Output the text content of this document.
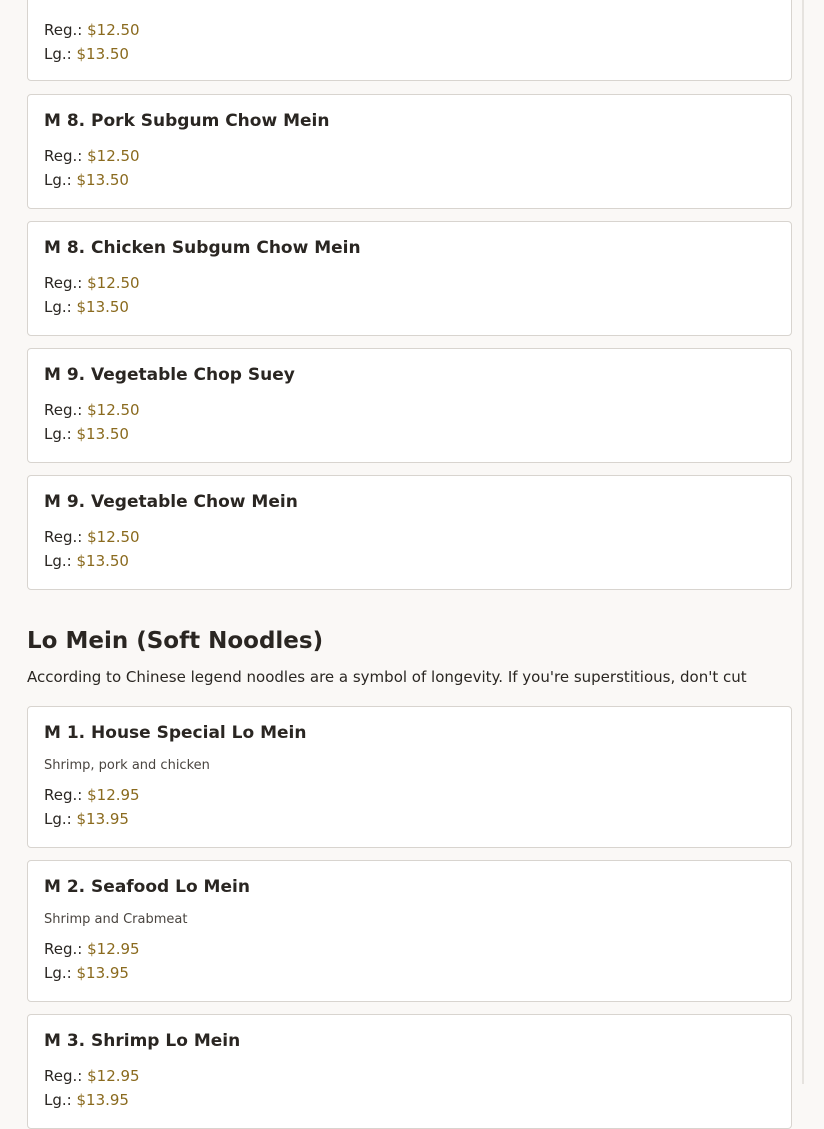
Reg.: $12.50
Lg.: $13.50
M 8. Pork Subgum Chow Mein
Reg.: $12.50
Lg.: $13.50
M 8. Chicken Subgum Chow Mein
Reg.: $12.50
Lg.: $13.50
M 9. Vegetable Chop Suey
Reg.: $12.50
Lg.: $13.50
M 9. Vegetable Chow Mein
Reg.: $12.50
Lg.: $13.50
Lo Mein (Soft Noodles)

According to Chinese legend noodles are a symbol of longevity. If you're superstitious, don't cut

M 1. House Special Lo Mein
Shrimp, pork and chicken
Reg.: $12.95
Lg.: $13.95
M 2. Seafood Lo Mein
Shrimp and Crabmeat
Reg.: $12.95
Lg.: $13.95
M 3. Shrimp Lo Mein
Reg.: $12.95
Lg.: $13.95
